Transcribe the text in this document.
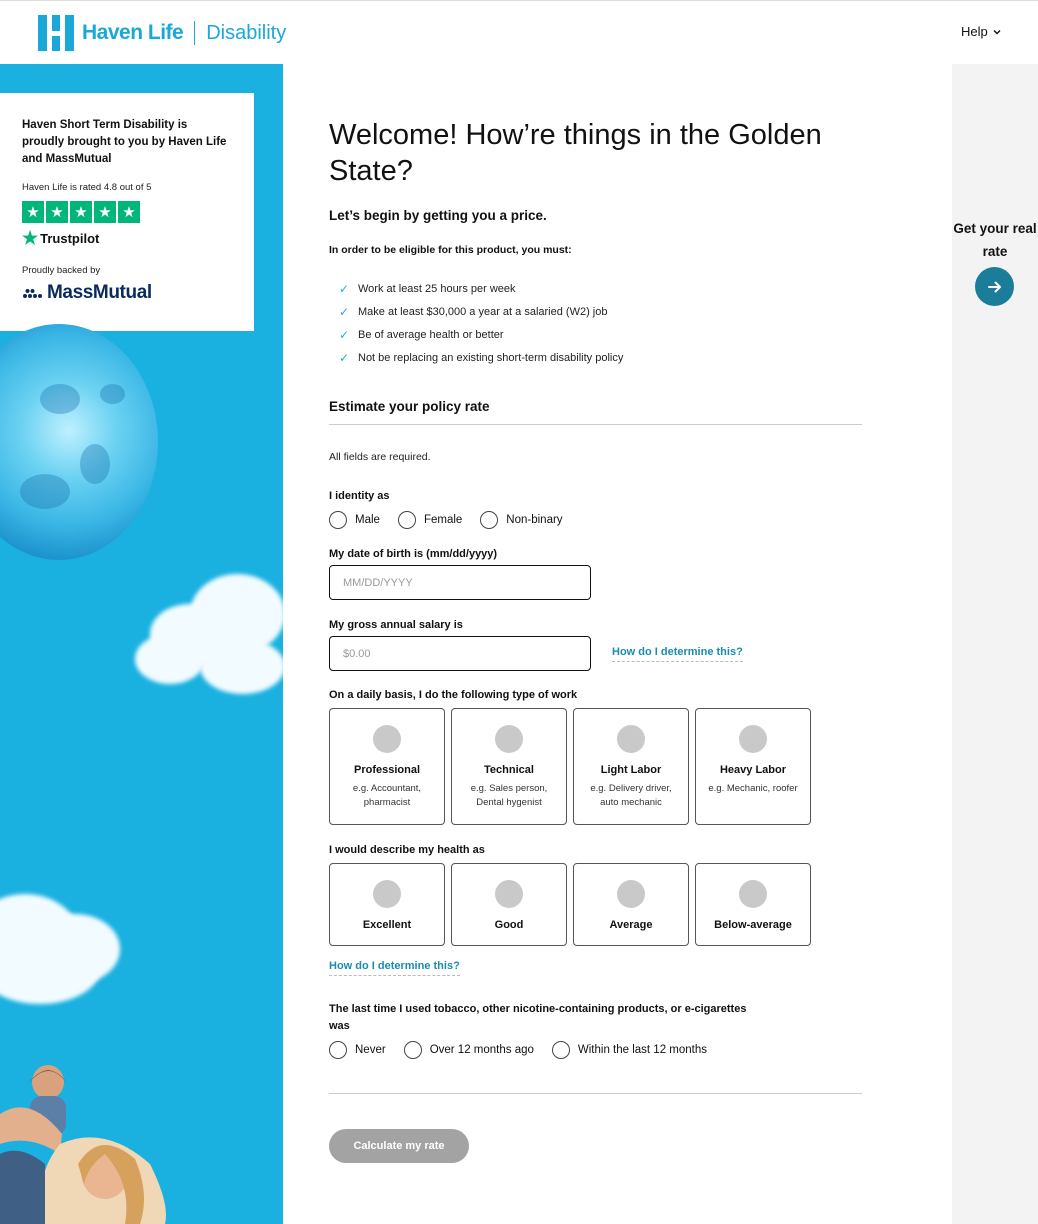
Haven Life Disability	Help
Haven Short Term Disability is proudly brought to you by Haven Life and MassMutual
Haven Life is rated 4.8 out of 5
★ ★ ★ ★ ★
★ Trustpilot
Proudly backed by
MassMutual
Welcome! How’re things in the Golden State?
Let’s begin by getting you a price.
In order to be eligible for this product, you must:
✓ Work at least 25 hours per week
✓ Make at least $30,000 a year at a salaried (W2) job
✓ Be of average health or better
✓ Not be replacing an existing short-term disability policy
Estimate your policy rate
All fields are required.
I identity as
Male	Female	Non-binary
My date of birth is (mm/dd/yyyy)
MM/DD/YYYY
My gross annual salary is
$0.00
How do I determine this?
On a daily basis, I do the following type of work
Professional
e.g. Accountant, pharmacist
Technical
e.g. Sales person, Dental hygenist
Light Labor
e.g. Delivery driver, auto mechanic
Heavy Labor
e.g. Mechanic, roofer
I would describe my health as
Excellent	Good	Average	Below-average
How do I determine this?
The last time I used tobacco, other nicotine-containing products, or e-cigarettes was
Never	Over 12 months ago	Within the last 12 months
Calculate my rate
Get your real rate
